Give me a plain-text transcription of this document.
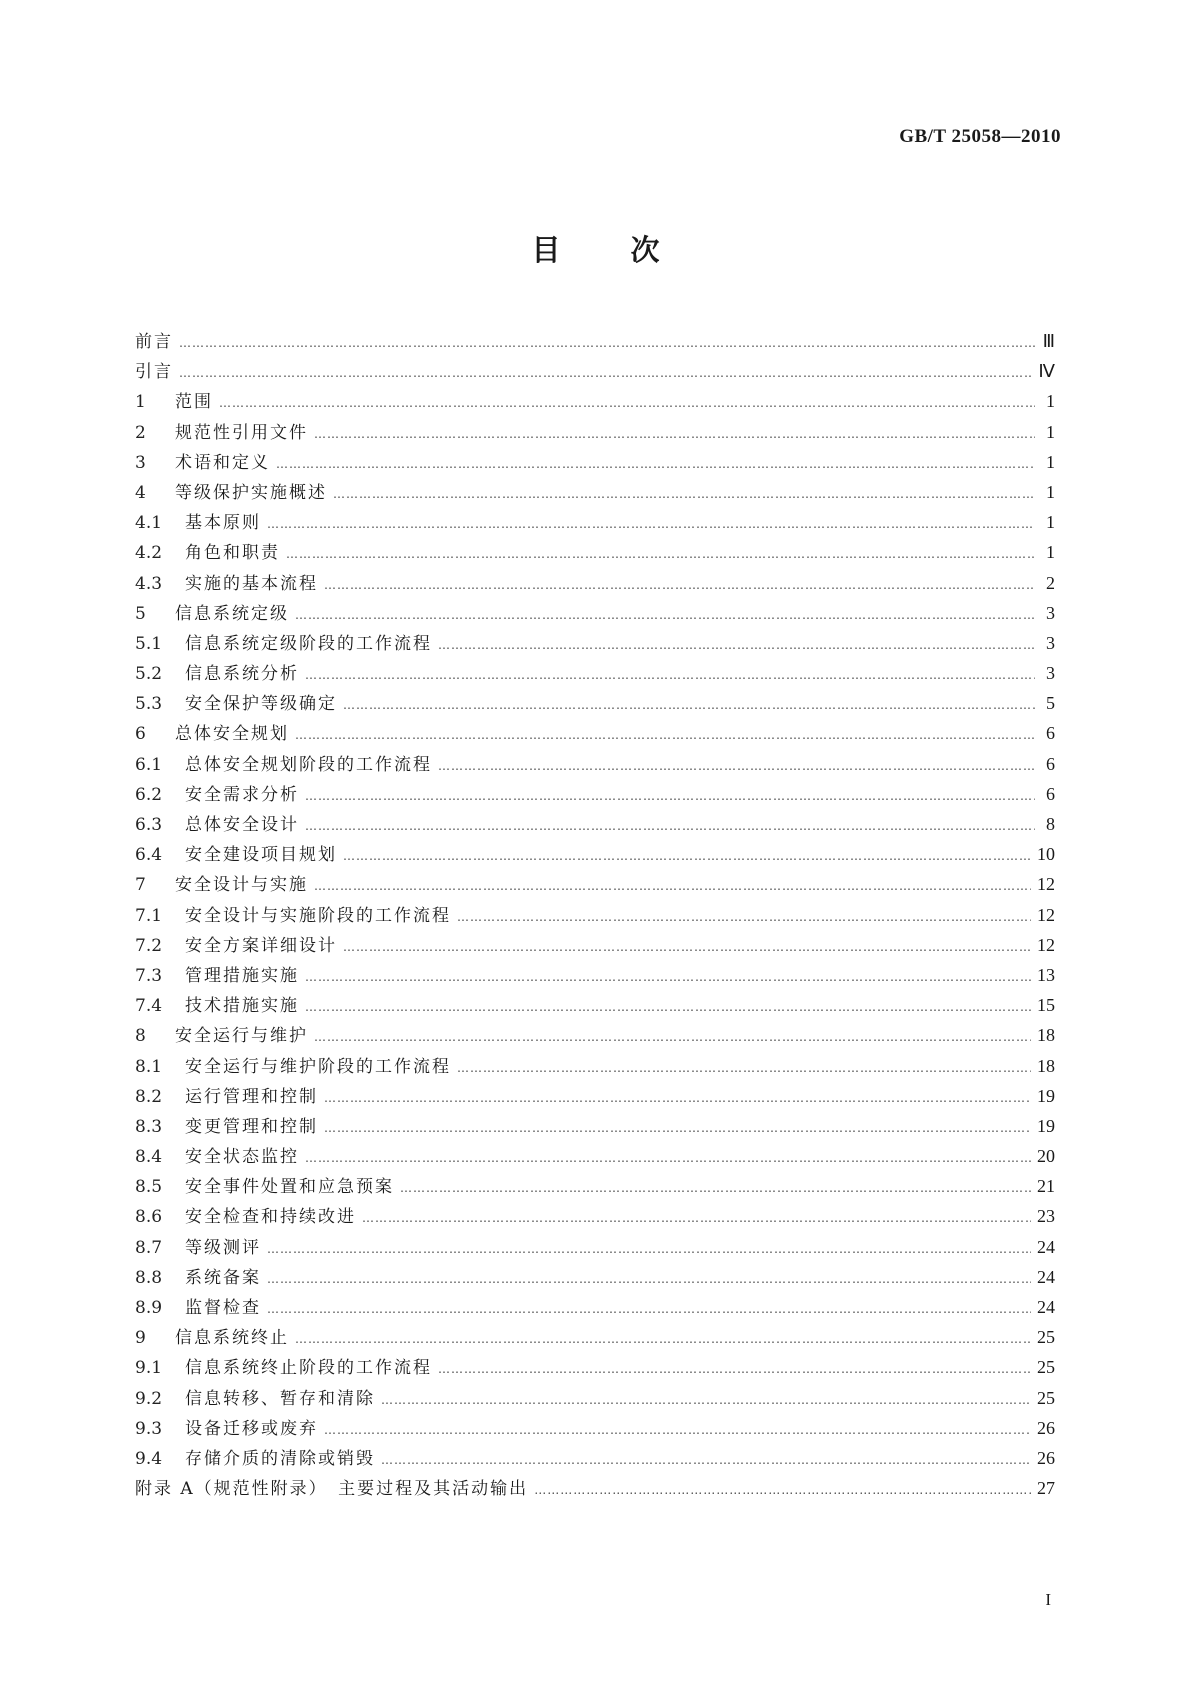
GB/T 25058—2010
目次
前言 ………………………………………………………………………………………………………………………………………………………………………………………………………………………………………………	Ⅲ
引言 ………………………………………………………………………………………………………………………………………………………………………………………………………………………………………………	Ⅳ
1	范围 ………………………………………………………………………………………………………………………………………………………………………………………………………………………………………………	1
2	规范性引用文件 ………………………………………………………………………………………………………………………………………………………………………………………………………………………………………………	1
3	术语和定义 ………………………………………………………………………………………………………………………………………………………………………………………………………………………………………………	1
4	等级保护实施概述 ………………………………………………………………………………………………………………………………………………………………………………………………………………………………………………	1
4.1	基本原则 ………………………………………………………………………………………………………………………………………………………………………………………………………………………………………………	1
4.2	角色和职责 ………………………………………………………………………………………………………………………………………………………………………………………………………………………………………………	1
4.3	实施的基本流程 ………………………………………………………………………………………………………………………………………………………………………………………………………………………………………………	2
5	信息系统定级 ………………………………………………………………………………………………………………………………………………………………………………………………………………………………………………	3
5.1	信息系统定级阶段的工作流程 ………………………………………………………………………………………………………………………………………………………………………………………………………………………………………………	3
5.2	信息系统分析 ………………………………………………………………………………………………………………………………………………………………………………………………………………………………………………	3
5.3	安全保护等级确定 ………………………………………………………………………………………………………………………………………………………………………………………………………………………………………………	5
6	总体安全规划 ………………………………………………………………………………………………………………………………………………………………………………………………………………………………………………	6
6.1	总体安全规划阶段的工作流程 ………………………………………………………………………………………………………………………………………………………………………………………………………………………………………………	6
6.2	安全需求分析 ………………………………………………………………………………………………………………………………………………………………………………………………………………………………………………	6
6.3	总体安全设计 ………………………………………………………………………………………………………………………………………………………………………………………………………………………………………………	8
6.4	安全建设项目规划 ………………………………………………………………………………………………………………………………………………………………………………………………………………………………………………	10
7	安全设计与实施 ………………………………………………………………………………………………………………………………………………………………………………………………………………………………………………	12
7.1	安全设计与实施阶段的工作流程 ………………………………………………………………………………………………………………………………………………………………………………………………………………………………………………	12
7.2	安全方案详细设计 ………………………………………………………………………………………………………………………………………………………………………………………………………………………………………………	12
7.3	管理措施实施 ………………………………………………………………………………………………………………………………………………………………………………………………………………………………………………	13
7.4	技术措施实施 ………………………………………………………………………………………………………………………………………………………………………………………………………………………………………………	15
8	安全运行与维护 ………………………………………………………………………………………………………………………………………………………………………………………………………………………………………………	18
8.1	安全运行与维护阶段的工作流程 ………………………………………………………………………………………………………………………………………………………………………………………………………………………………………………	18
8.2	运行管理和控制 ………………………………………………………………………………………………………………………………………………………………………………………………………………………………………………	19
8.3	变更管理和控制 ………………………………………………………………………………………………………………………………………………………………………………………………………………………………………………	19
8.4	安全状态监控 ………………………………………………………………………………………………………………………………………………………………………………………………………………………………………………	20
8.5	安全事件处置和应急预案 ………………………………………………………………………………………………………………………………………………………………………………………………………………………………………………	21
8.6	安全检查和持续改进 ………………………………………………………………………………………………………………………………………………………………………………………………………………………………………………	23
8.7	等级测评 ………………………………………………………………………………………………………………………………………………………………………………………………………………………………………………	24
8.8	系统备案 ………………………………………………………………………………………………………………………………………………………………………………………………………………………………………………	24
8.9	监督检查 ………………………………………………………………………………………………………………………………………………………………………………………………………………………………………………	24
9	信息系统终止 ………………………………………………………………………………………………………………………………………………………………………………………………………………………………………………	25
9.1	信息系统终止阶段的工作流程 ………………………………………………………………………………………………………………………………………………………………………………………………………………………………………………	25
9.2	信息转移、暂存和清除 ………………………………………………………………………………………………………………………………………………………………………………………………………………………………………………	25
9.3	设备迁移或废弃 ………………………………………………………………………………………………………………………………………………………………………………………………………………………………………………	26
9.4	存储介质的清除或销毁 ………………………………………………………………………………………………………………………………………………………………………………………………………………………………………………	26
附录 A（规范性附录）　主要过程及其活动输出 ………………………………………………………………………………………………………………………………………………………………………………………………………………………………………………	27
I
